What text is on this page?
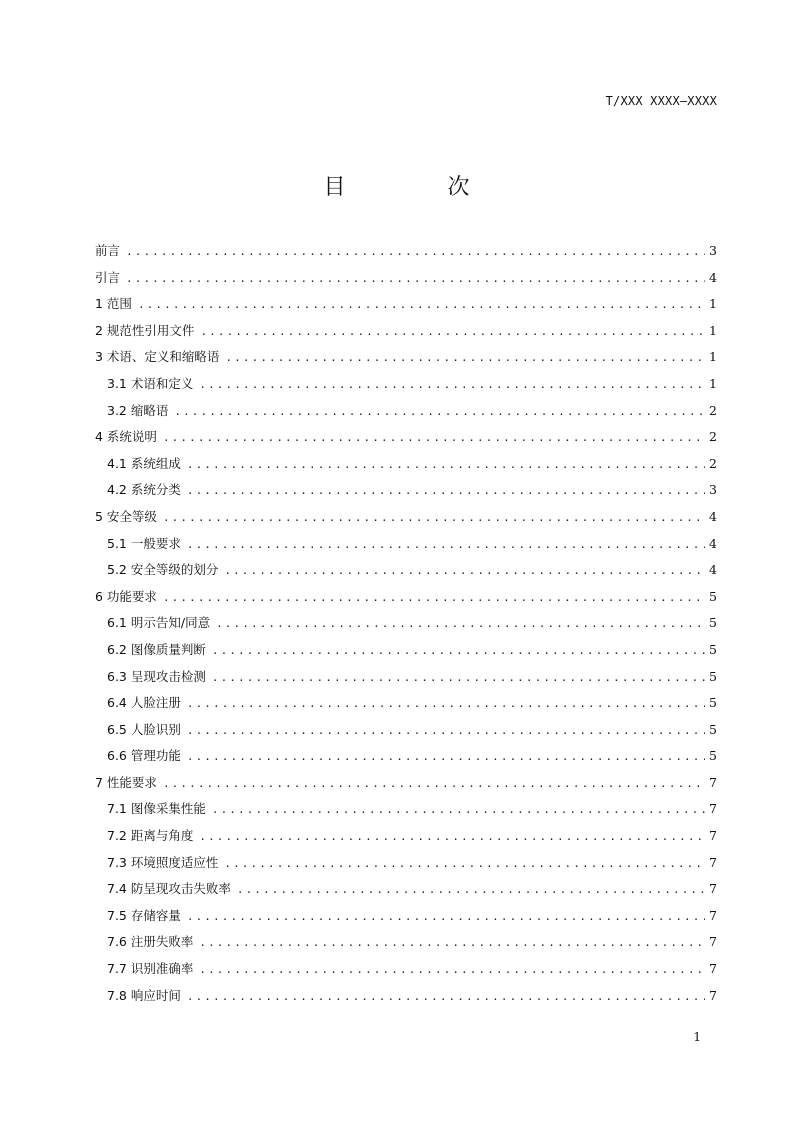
T/XXX XXXX—XXXX
目　次
前言 .....	3
引言 .....	4
1 范围 .....	1
2 规范性引用文件 .....	1
3 术语、定义和缩略语 .....	1
3.1 术语和定义 .....	1
3.2 缩略语 .....	2
4 系统说明 .....	2
4.1 系统组成 .....	2
4.2 系统分类 .....	3
5 安全等级 .....	4
5.1 一般要求 .....	4
5.2 安全等级的划分 .....	4
6 功能要求 .....	5
6.1 明示告知/同意 .....	5
6.2 图像质量判断 .....	5
6.3 呈现攻击检测 .....	5
6.4 人脸注册 .....	5
6.5 人脸识别 .....	5
6.6 管理功能 .....	5
7 性能要求 .....	7
7.1 图像采集性能 .....	7
7.2 距离与角度 .....	7
7.3 环境照度适应性 .....	7
7.4 防呈现攻击失败率 .....	7
7.5 存储容量 .....	7
7.6 注册失败率 .....	7
7.7 识别准确率 .....	7
7.8 响应时间 .....	7
1
